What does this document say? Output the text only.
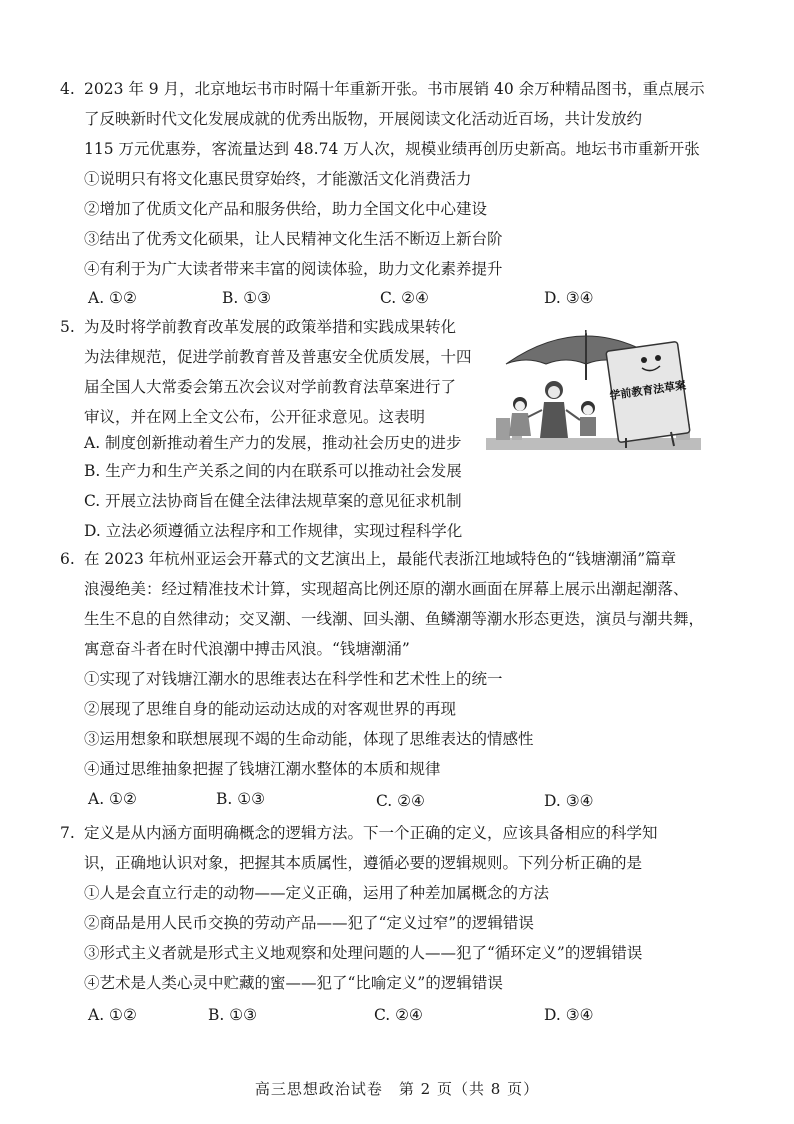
4. 2023 年 9 月，北京地坛书市时隔十年重新开张。书市展销 40 余万种精品图书，重点展示
了反映新时代文化发展成就的优秀出版物，开展阅读文化活动近百场，共计发放约
115 万元优惠券，客流量达到 48.74 万人次，规模业绩再创历史新高。地坛书市重新开张
①说明只有将文化惠民贯穿始终，才能激活文化消费活力
②增加了优质文化产品和服务供给，助力全国文化中心建设
③结出了优秀文化硕果，让人民精神文化生活不断迈上新台阶
④有利于为广大读者带来丰富的阅读体验，助力文化素养提升
A. ①②	B. ①③	C. ②④	D. ③④
5. 为及时将学前教育改革发展的政策举措和实践成果转化
为法律规范，促进学前教育普及普惠安全优质发展，十四
届全国人大常委会第五次会议对学前教育法草案进行了
审议，并在网上全文公布，公开征求意见。这表明
A. 制度创新推动着生产力的发展，推动社会历史的进步
B. 生产力和生产关系之间的内在联系可以推动社会发展
C. 开展立法协商旨在健全法律法规草案的意见征求机制
D. 立法必须遵循立法程序和工作规律，实现过程科学化
让学前教育更加优质普惠安全
学前教育法草案
6. 在 2023 年杭州亚运会开幕式的文艺演出上，最能代表浙江地域特色的“钱塘潮涌”篇章
浪漫绝美：经过精准技术计算，实现超高比例还原的潮水画面在屏幕上展示出潮起潮落、
生生不息的自然律动；交叉潮、一线潮、回头潮、鱼鳞潮等潮水形态更迭，演员与潮共舞，
寓意奋斗者在时代浪潮中搏击风浪。“钱塘潮涌”
①实现了对钱塘江潮水的思维表达在科学性和艺术性上的统一
②展现了思维自身的能动运动达成的对客观世界的再现
③运用想象和联想展现不竭的生命动能，体现了思维表达的情感性
④通过思维抽象把握了钱塘江潮水整体的本质和规律
A. ①②	B. ①③	C. ②④	D. ③④
7. 定义是从内涵方面明确概念的逻辑方法。下一个正确的定义，应该具备相应的科学知
识，正确地认识对象，把握其本质属性，遵循必要的逻辑规则。下列分析正确的是
①人是会直立行走的动物——定义正确，运用了种差加属概念的方法
②商品是用人民币交换的劳动产品——犯了“定义过窄”的逻辑错误
③形式主义者就是形式主义地观察和处理问题的人——犯了“循环定义”的逻辑错误
④艺术是人类心灵中贮藏的蜜——犯了“比喻定义”的逻辑错误
A. ①②	B. ①③	C. ②④	D. ③④
高三思想政治试卷　第 2 页（共 8 页）
